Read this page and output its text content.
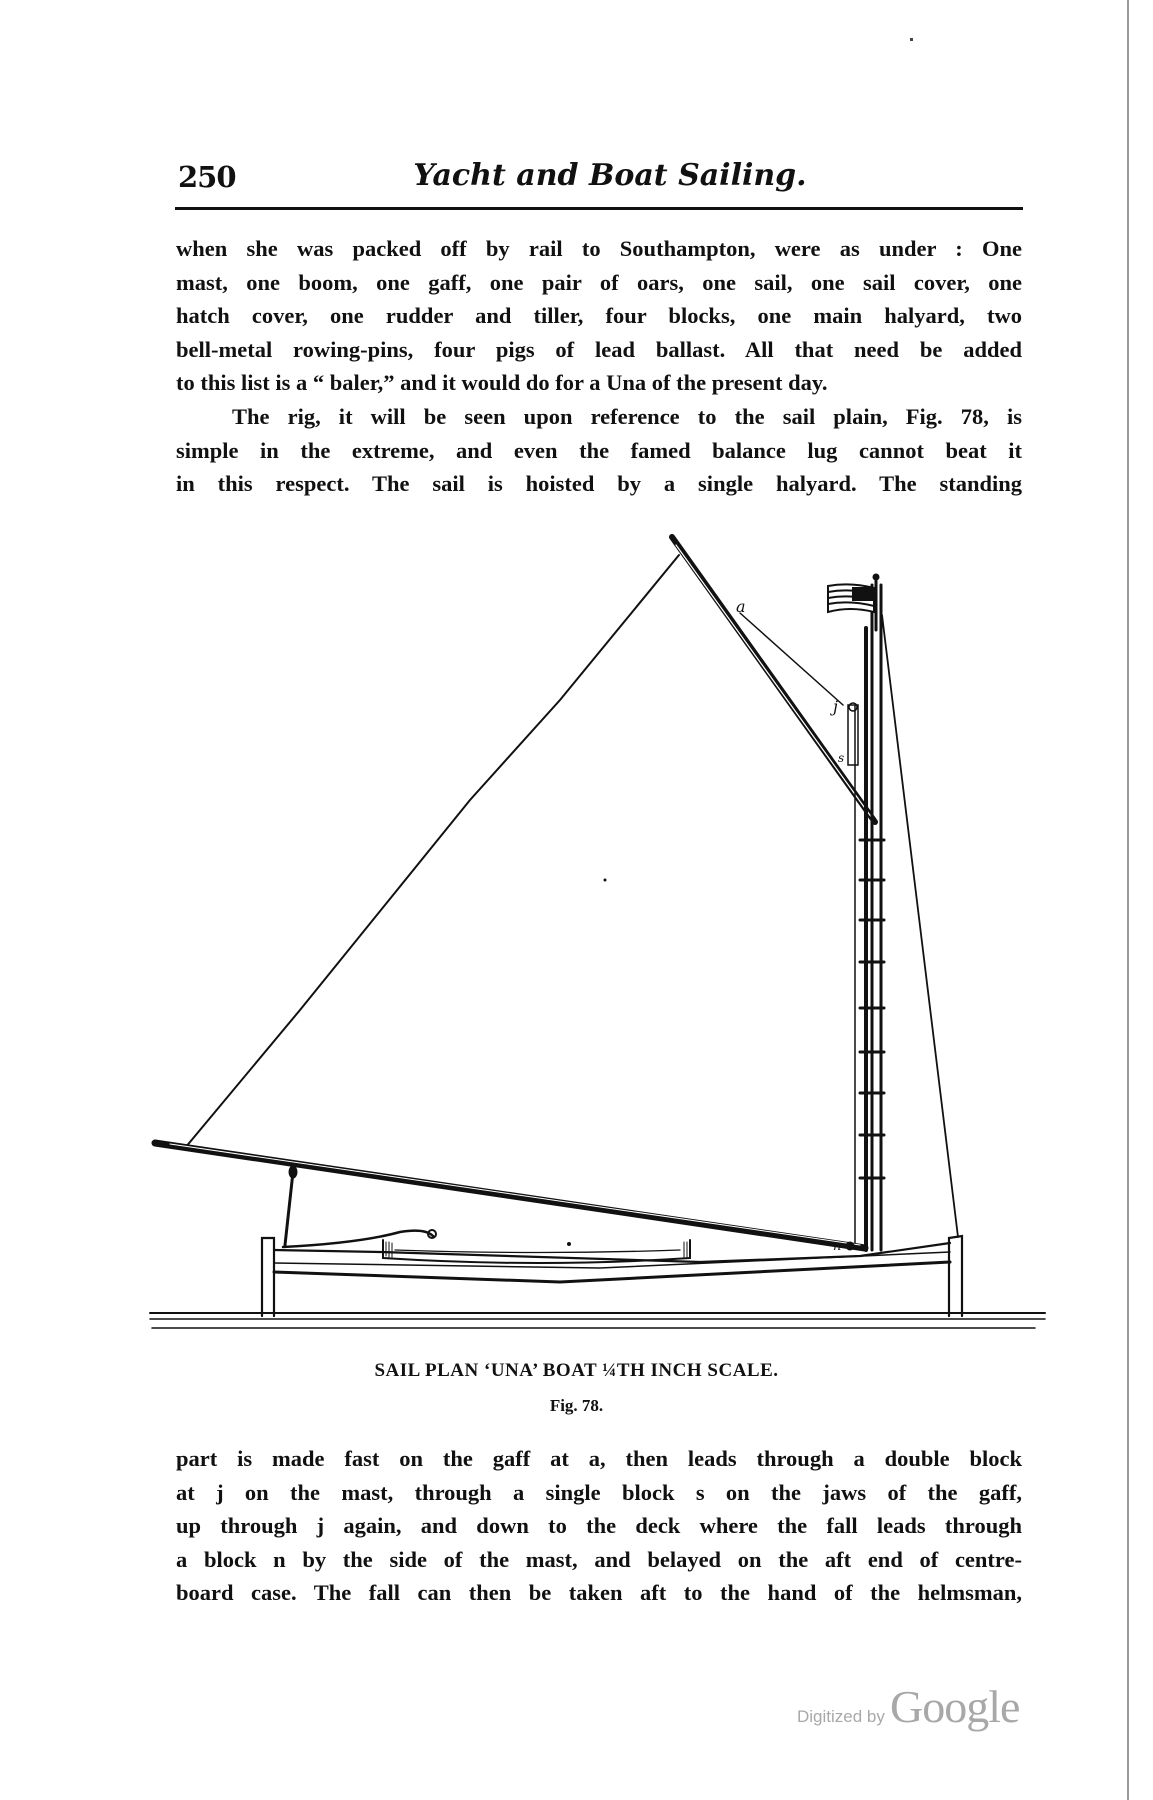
250	Yacht and Boat Sailing.
when she was packed off by rail to Southampton, were as under : One
mast, one boom, one gaff, one pair of oars, one sail, one sail cover, one
hatch cover, one rudder and tiller, four blocks, one main halyard, two
bell-metal rowing-pins, four pigs of lead ballast. All that need be added
to this list is a “ baler,” and it would do for a Una of the present day.
The rig, it will be seen upon reference to the sail plain, Fig. 78, is
simple in the extreme, and even the famed balance lug cannot beat it
in this respect. The sail is hoisted by a single halyard. The standing
n
a
j
s
SAIL PLAN ‘UNA’ BOAT ¼TH INCH SCALE.
Fig. 78.
part is made fast on the gaff at a, then leads through a double block
at j on the mast, through a single block s on the jaws of the gaff,
up through j again, and down to the deck where the fall leads through
a block n by the side of the mast, and belayed on the aft end of centre-
board case. The fall can then be taken aft to the hand of the helmsman,
Digitized by Google
